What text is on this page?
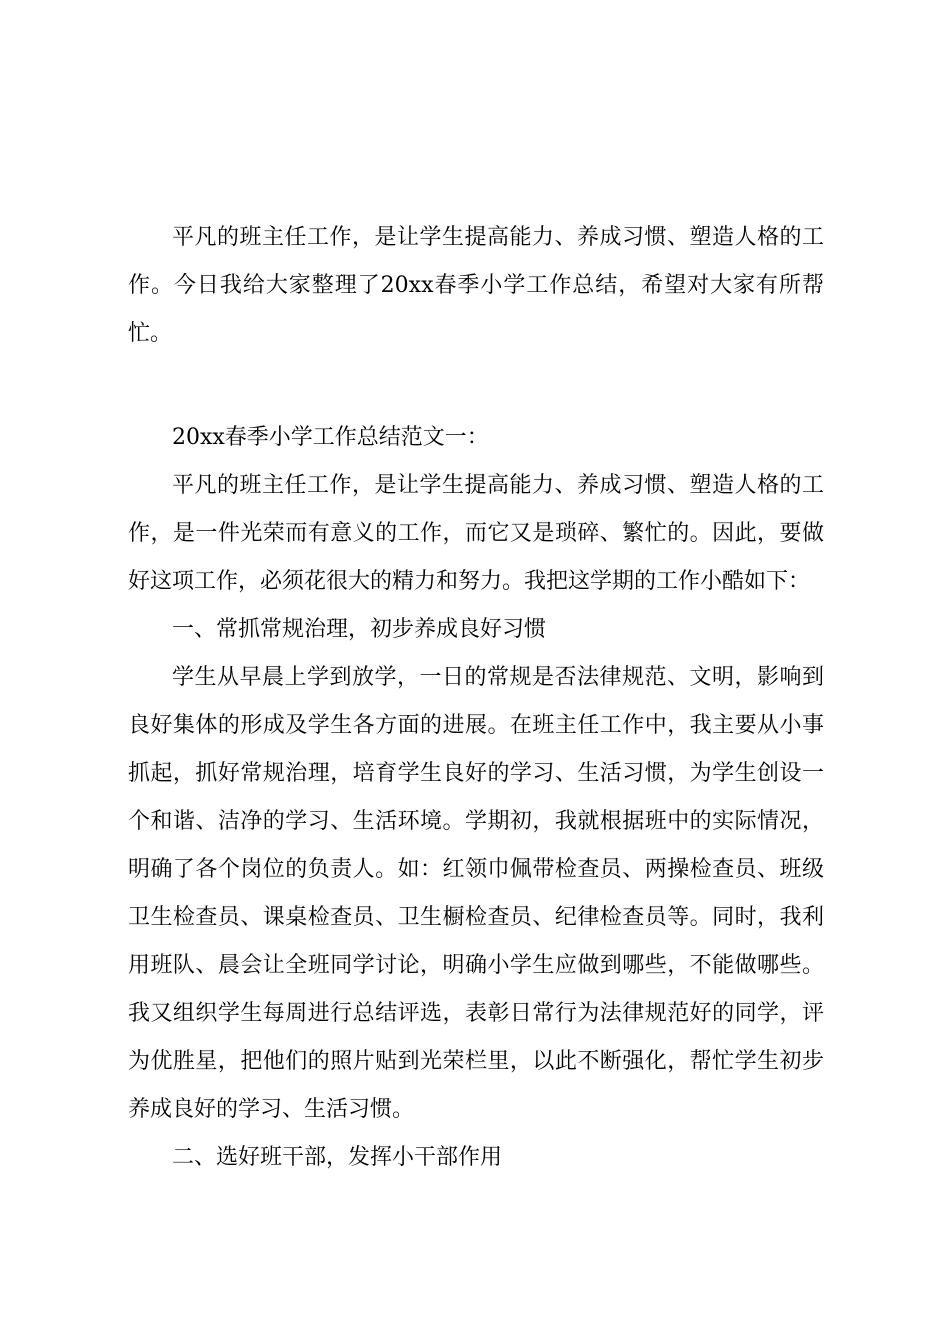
平凡的班主任工作，是让学生提高能力、养成习惯、塑造人格的工作。今日我给大家整理了20xx春季小学工作总结，希望对大家有所帮忙。

20xx春季小学工作总结范文一：

平凡的班主任工作，是让学生提高能力、养成习惯、塑造人格的工作，是一件光荣而有意义的工作，而它又是琐碎、繁忙的。因此，要做好这项工作，必须花很大的精力和努力。我把这学期的工作小酷如下：

一、常抓常规治理，初步养成良好习惯

学生从早晨上学到放学，一日的常规是否法律规范、文明，影响到良好集体的形成及学生各方面的进展。在班主任工作中，我主要从小事抓起，抓好常规治理，培育学生良好的学习、生活习惯，为学生创设一个和谐、洁净的学习、生活环境。学期初，我就根据班中的实际情况，明确了各个岗位的负责人。如：红领巾佩带检查员、两操检查员、班级卫生检查员、课桌检查员、卫生橱检查员、纪律检查员等。同时，我利用班队、晨会让全班同学讨论，明确小学生应做到哪些，不能做哪些。我又组织学生每周进行总结评选，表彰日常行为法律规范好的同学，评为优胜星，把他们的照片贴到光荣栏里，以此不断强化，帮忙学生初步养成良好的学习、生活习惯。

二、选好班干部，发挥小干部作用
